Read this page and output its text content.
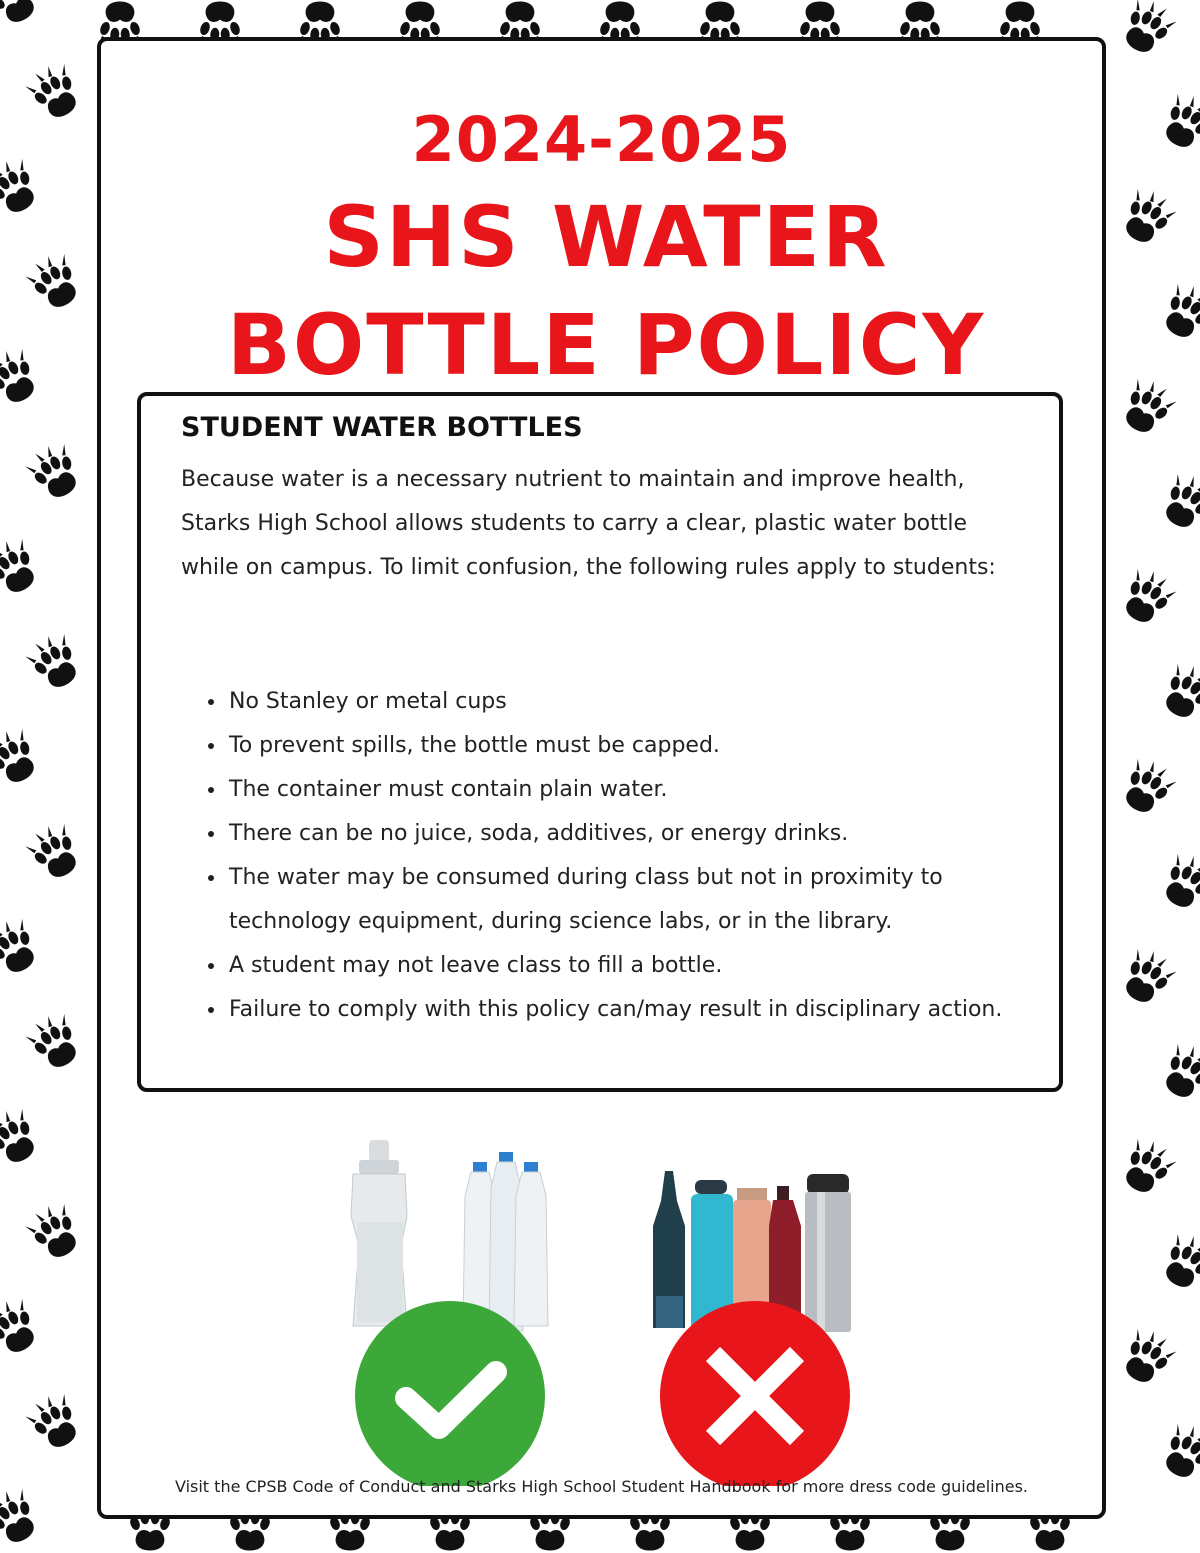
2024-2025
SHS WATER BOTTLE POLICY
STUDENT WATER BOTTLES
Because water is a necessary nutrient to maintain and improve health, Starks High School allows students to carry a clear, plastic water bottle while on campus. To limit confusion, the following rules apply to students:
• No Stanley or metal cups
• To prevent spills, the bottle must be capped.
• The container must contain plain water.
• There can be no juice, soda, additives, or energy drinks.
• The water may be consumed during class but not in proximity to technology equipment, during science labs, or in the library.
• A student may not leave class to fill a bottle.
• Failure to comply with this policy can/may result in disciplinary action.
Visit the CPSB Code of Conduct and Starks High School Student Handbook for more dress code guidelines.
